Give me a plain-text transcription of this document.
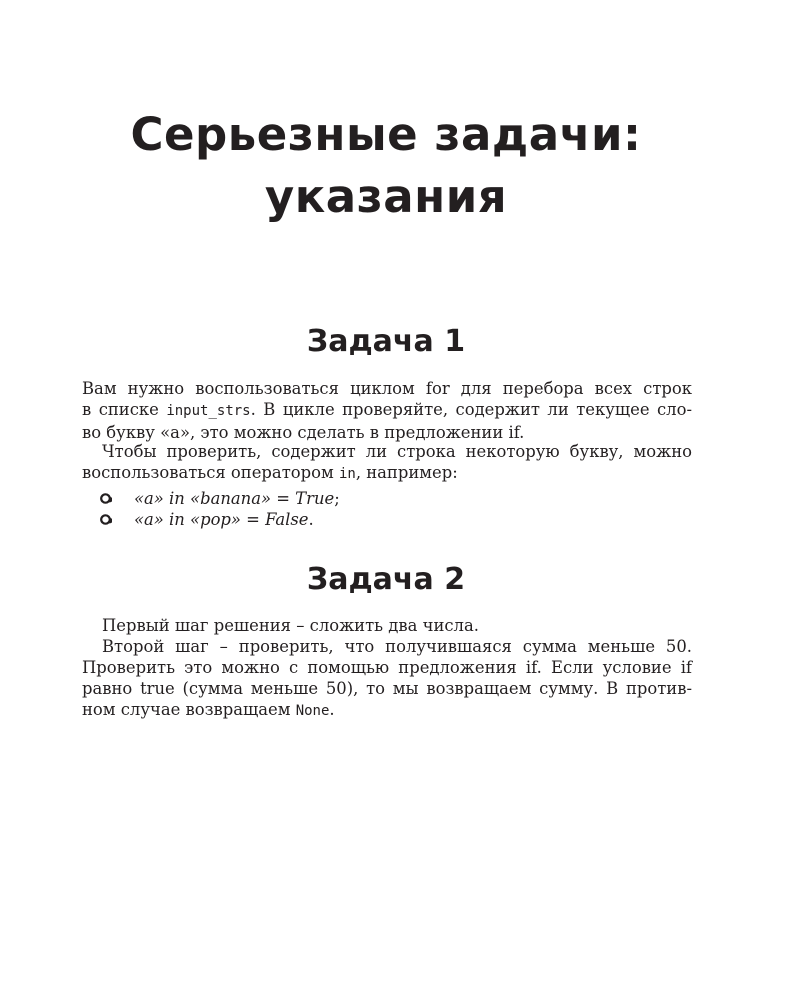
Серьезные задачи:
указания
Задача 1
Вам нужно воспользоваться циклом for для перебора всех строк
в списке input_strs. В цикле проверяйте, содержит ли текущее сло-
во букву «а», это можно сделать в предложении if.
Чтобы проверить, содержит ли строка некоторую букву, можно
воспользоваться оператором in, например:
«a» in «banana» = True;
«a» in «pop» = False.
Задача 2
Первый шаг решения – сложить два числа.
Второй шаг – проверить, что получившаяся сумма меньше 50.
Проверить это можно с помощью предложения if. Если условие if
равно true (сумма меньше 50), то мы возвращаем сумму. В против-
ном случае возвращаем None.
